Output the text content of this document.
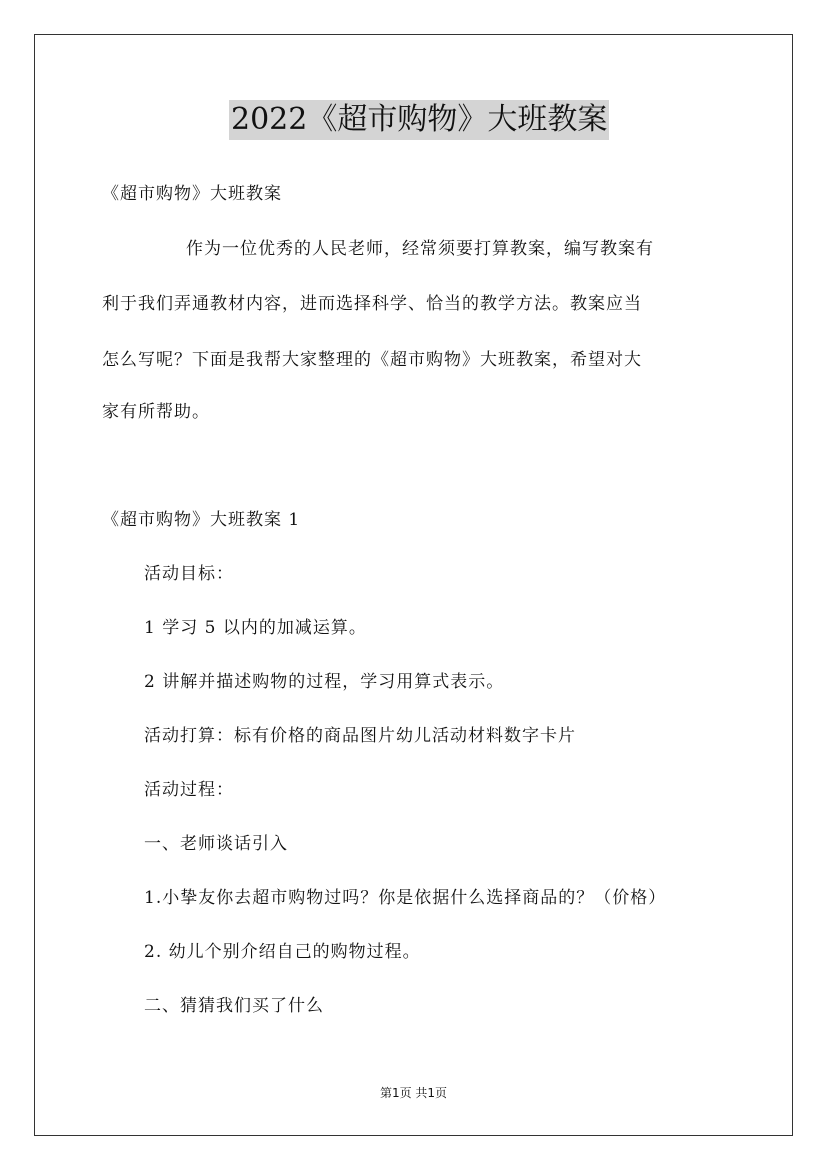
2022《超市购物》大班教案
《超市购物》大班教案
作为一位优秀的人民老师，经常须要打算教案，编写教案有
利于我们弄通教材内容，进而选择科学、恰当的教学方法。教案应当
怎么写呢？下面是我帮大家整理的《超市购物》大班教案，希望对大
家有所帮助。
《超市购物》大班教案 1
活动目标：
1 学习 5 以内的加减运算。
2 讲解并描述购物的过程，学习用算式表示。
活动打算：标有价格的商品图片幼儿活动材料数字卡片
活动过程：
一、老师谈话引入
1.小挚友你去超市购物过吗？你是依据什么选择商品的？（价格）
2. 幼儿个别介绍自己的购物过程。
二、猜猜我们买了什么
第1页 共1页
